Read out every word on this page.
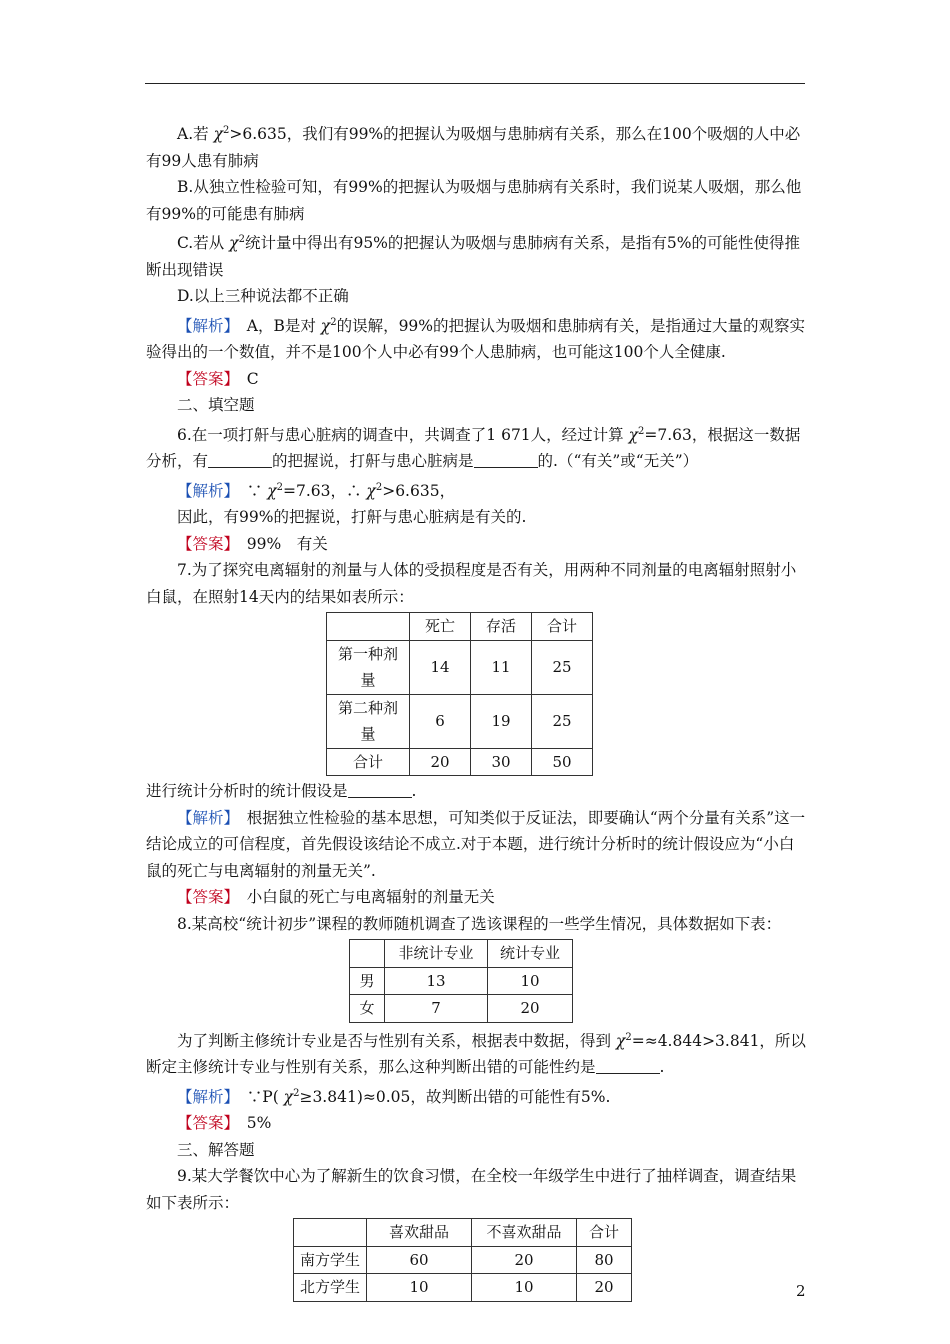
A.若 $\chi^2>6.635$，我们有99%的把握认为吸烟与患肺病有关系，那么在100个吸烟的人中必有99人患有肺病

B.从独立性检验可知，有99%的把握认为吸烟与患肺病有关系时，我们说某人吸烟，那么他有99%的可能患有肺病

C.若从 $\chi^2$统计量中得出有95%的把握认为吸烟与患肺病有关系，是指有5%的可能性使得推断出现错误

D.以上三种说法都不正确

【解析】　A，B是对 $\chi^2$的误解，99%的把握认为吸烟和患肺病有关，是指通过大量的观察实验得出的一个数值，并不是100个人中必有99个人患肺病，也可能这100个人全健康.

【答案】　C

二、填空题

6.在一项打鼾与患心脏病的调查中，共调查了1 671人，经过计算 $\chi^2=7.63$，根据这一数据分析，有	的把握说，打鼾与患心脏病是	的.（“有关”或“无关”）

【解析】　∵ $\chi^2=7.63$，∴ $\chi^2>6.635$，

因此，有99%的把握说，打鼾与患心脏病是有关的.

【答案】　99%　有关

7.为了探究电离辐射的剂量与人体的受损程度是否有关，用两种不同剂量的电离辐射照射小白鼠，在照射14天内的结果如表所示：

	死亡	存活	合计
第一种剂量	14	11	25
第二种剂量	6	19	25
合计	20	30	50

进行统计分析时的统计假设是	.

【解析】　根据独立性检验的基本思想，可知类似于反证法，即要确认“两个分量有关系”这一结论成立的可信程度，首先假设该结论不成立.对于本题，进行统计分析时的统计假设应为“小白鼠的死亡与电离辐射的剂量无关”.

【答案】　小白鼠的死亡与电离辐射的剂量无关

8.某高校“统计初步”课程的教师随机调查了选该课程的一些学生情况，具体数据如下表：

	非统计专业	统计专业
男	13	10
女	7	20

为了判断主修统计专业是否与性别有关系，根据表中数据，得到 $\chi^2=\approx 4.844>3.841$，所以断定主修统计专业与性别有关系，那么这种判断出错的可能性约是	.

【解析】　∵P( $\chi^2\ge 3.841)\approx 0.05$，故判断出错的可能性有5%.

【答案】　5%

三、解答题

9.某大学餐饮中心为了解新生的饮食习惯，在全校一年级学生中进行了抽样调查，调查结果如下表所示：

	喜欢甜品	不喜欢甜品	合计
南方学生	60	20	80
北方学生	10	10	20	2
